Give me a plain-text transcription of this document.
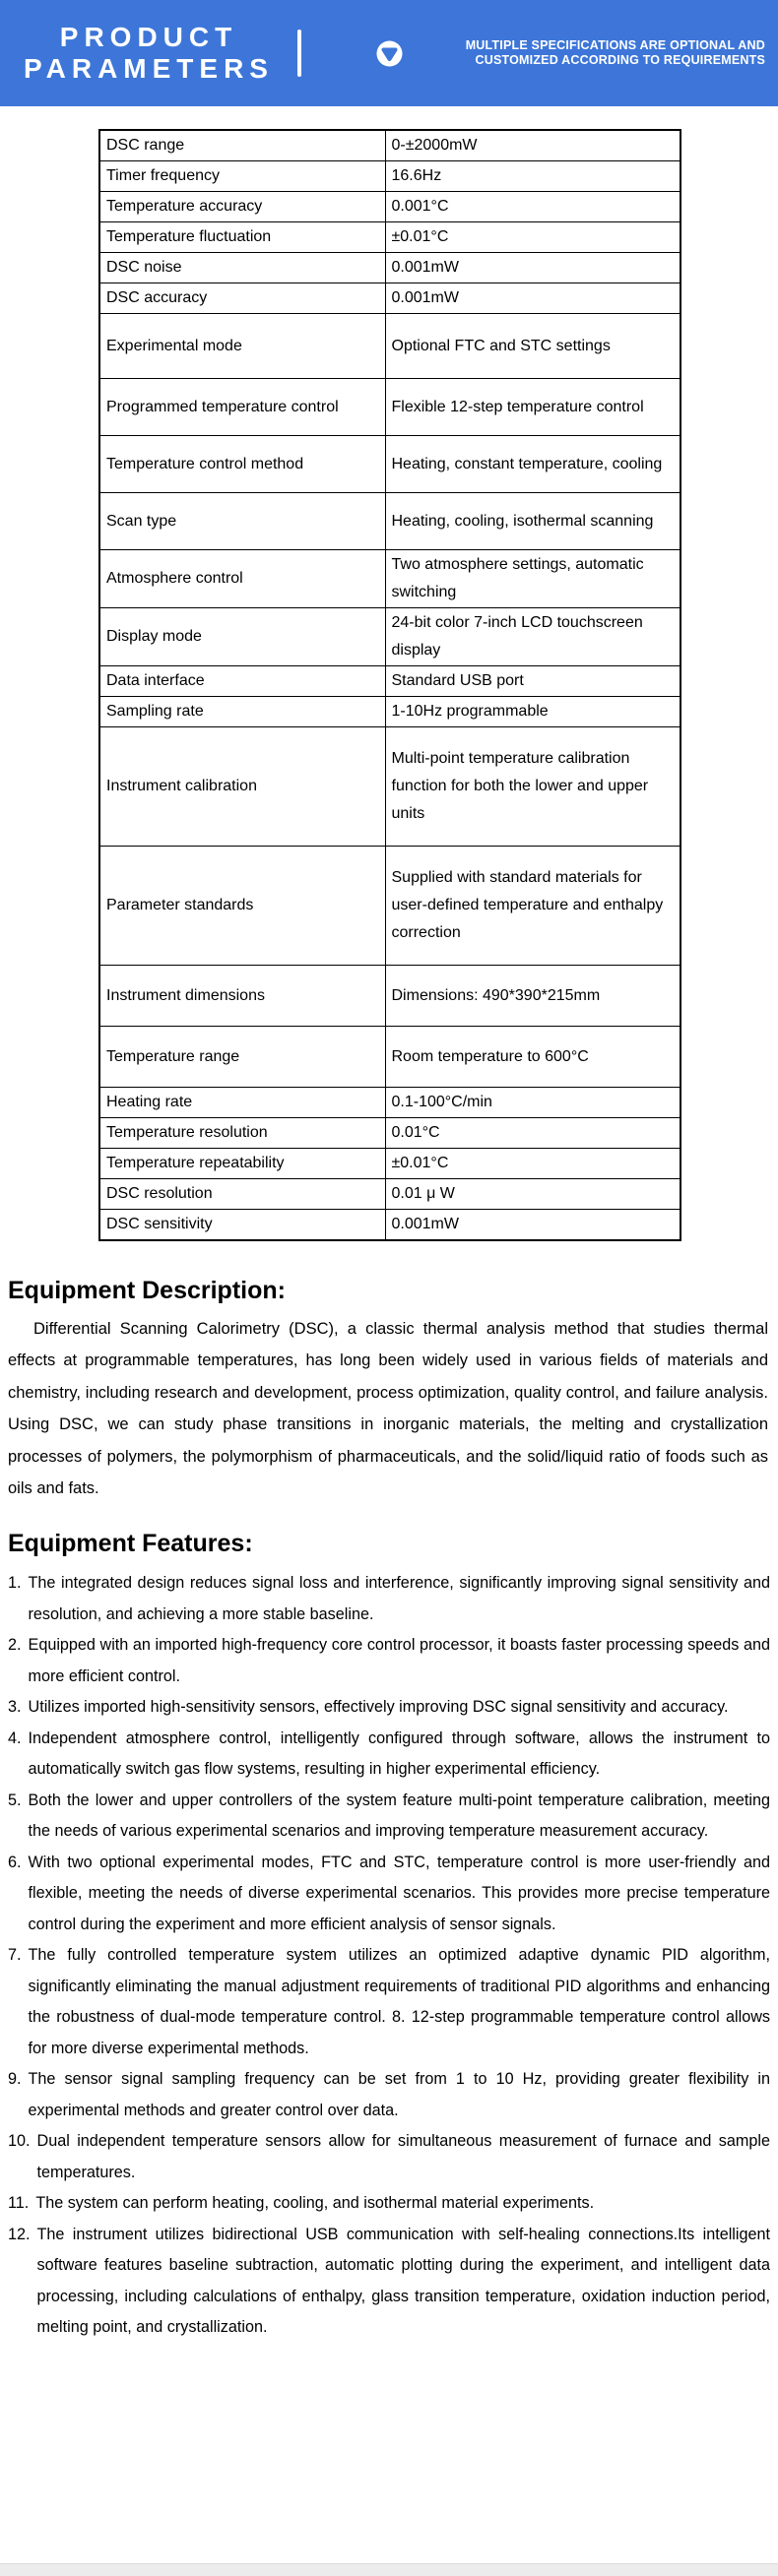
PRODUCT
PARAMETERS
MULTIPLE SPECIFICATIONS ARE OPTIONAL AND
CUSTOMIZED ACCORDING TO REQUIREMENTS
DSC range	0-±2000mW
Timer frequency	16.6Hz
Temperature accuracy	0.001°C
Temperature fluctuation	±0.01°C
DSC noise	0.001mW
DSC accuracy	0.001mW
Experimental mode	Optional FTC and STC settings
Programmed temperature control	Flexible 12-step temperature control
Temperature control method	Heating, constant temperature, cooling
Scan type	Heating, cooling, isothermal scanning
Atmosphere control	Two atmosphere settings, automatic switching
Display mode	24-bit color 7-inch LCD touchscreen display
Data interface	Standard USB port
Sampling rate	1-10Hz programmable
Instrument calibration	Multi-point temperature calibration function for both the lower and upper units
Parameter standards	Supplied with standard materials for user-defined temperature and enthalpy correction
Instrument dimensions	Dimensions: 490*390*215mm
Temperature range	Room temperature to 600°C
Heating rate	0.1-100°C/min
Temperature resolution	0.01°C
Temperature repeatability	±0.01°C
DSC resolution	0.01 μ W
DSC sensitivity	0.001mW
Equipment Description:

Differential Scanning Calorimetry (DSC), a classic thermal analysis method that studies thermal effects at programmable temperatures, has long been widely used in various fields of materials and chemistry, including research and development, process optimization, quality control, and failure analysis. Using DSC, we can study phase transitions in inorganic materials, the melting and crystallization processes of polymers, the polymorphism of pharmaceuticals, and the solid/liquid ratio of foods such as oils and fats.

Equipment Features:
1. The integrated design reduces signal loss and interference, significantly improving signal sensitivity and resolution, and achieving a more stable baseline.
2. Equipped with an imported high-frequency core control processor, it boasts faster processing speeds and more efficient control.
3. Utilizes imported high-sensitivity sensors, effectively improving DSC signal sensitivity and accuracy.
4. Independent atmosphere control, intelligently configured through software, allows the instrument to automatically switch gas flow systems, resulting in higher experimental efficiency.
5. Both the lower and upper controllers of the system feature multi-point temperature calibration, meeting the needs of various experimental scenarios and improving temperature measurement accuracy.
6. With two optional experimental modes, FTC and STC, temperature control is more user-friendly and flexible, meeting the needs of diverse experimental scenarios. This provides more precise temperature control during the experiment and more efficient analysis of sensor signals.
7. The fully controlled temperature system utilizes an optimized adaptive dynamic PID algorithm, significantly eliminating the manual adjustment requirements of traditional PID algorithms and enhancing the robustness of dual-mode temperature control. 8. 12-step programmable temperature control allows for more diverse experimental methods.
9. The sensor signal sampling frequency can be set from 1 to 10 Hz, providing greater flexibility in experimental methods and greater control over data.
10. Dual independent temperature sensors allow for simultaneous measurement of furnace and sample temperatures.
11. The system can perform heating, cooling, and isothermal material experiments.
12. The instrument utilizes bidirectional USB communication with self-healing connections.Its intelligent software features baseline subtraction, automatic plotting during the experiment, and intelligent data processing, including calculations of enthalpy, glass transition temperature, oxidation induction period, melting point, and crystallization.
